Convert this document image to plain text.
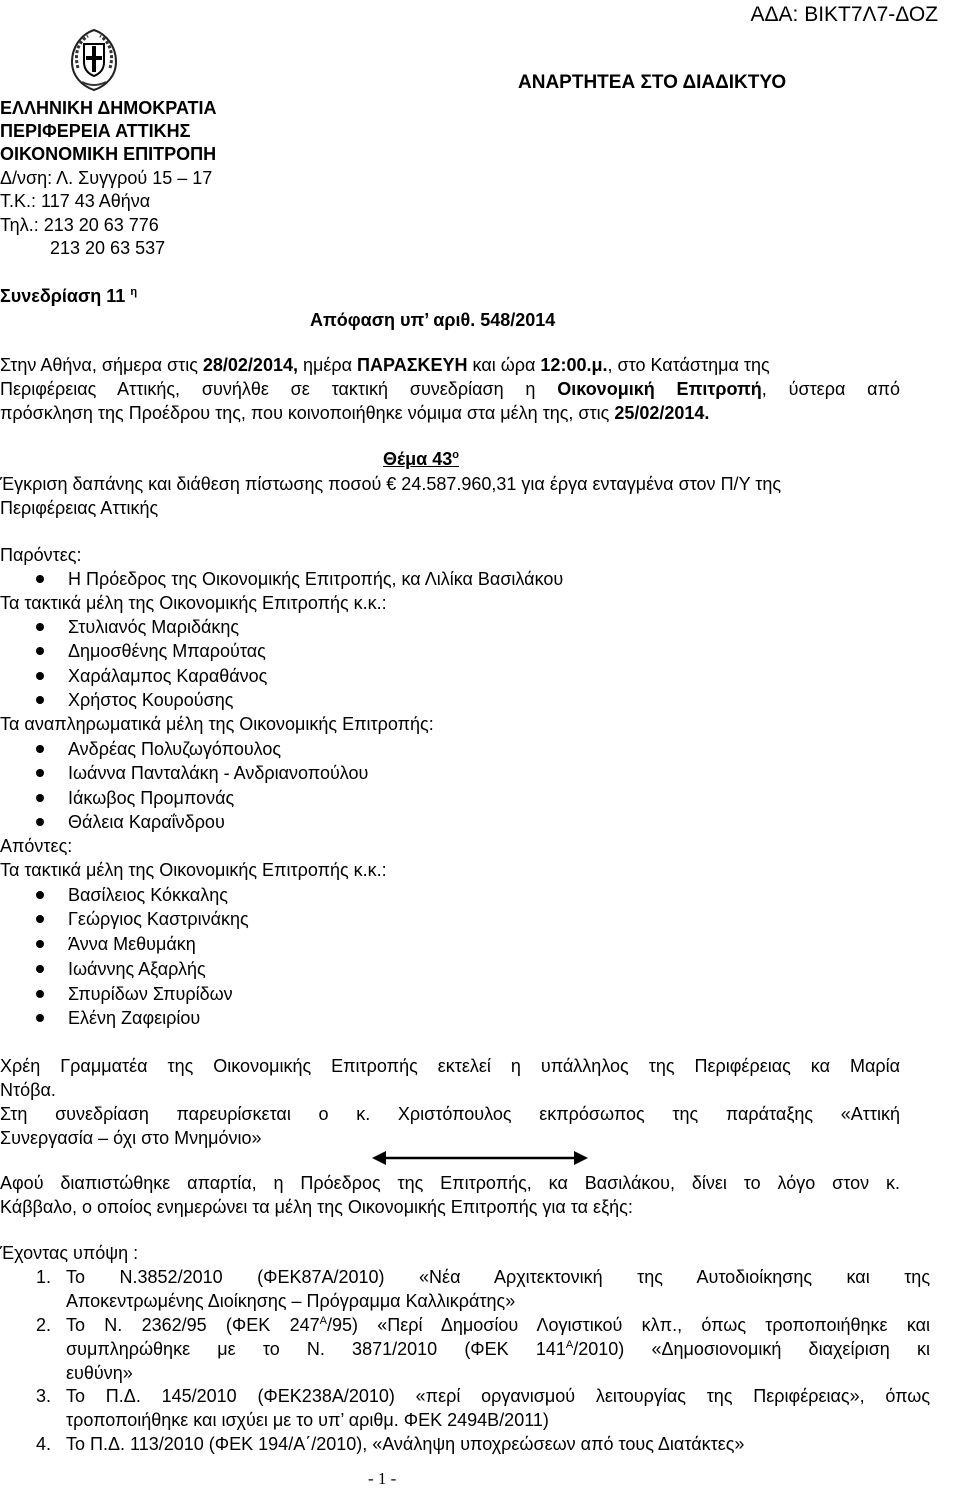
ΑΔΑ: ΒΙΚΤ7Λ7-ΔΟΖ
ΕΛΛΗΝΙΚΗ ΔΗΜΟΚΡΑΤΙΑ
ΠΕΡΙΦΕΡΕΙΑ ΑΤΤΙΚΗΣ
ΟΙΚΟΝΟΜΙΚΗ ΕΠΙΤΡΟΠΗ
Δ/νση: Λ. Συγγρού 15 – 17
Τ.Κ.: 117 43 Αθήνα
Τηλ.: 213 20 63 776
213 20 63 537
ΑΝΑΡΤΗΤΕΑ ΣΤΟ ΔΙΑΔΙΚΤΥΟ
Συνεδρίαση 11 $^\eta$
Απόφαση υπ’ αριθ. 548/2014
Στην Αθήνα, σήμερα στις 28/02/2014, ημέρα ΠΑΡΑΣΚΕΥΗ και ώρα 12:00.μ., στο Κατάστημα της
Περιφέρειας Αττικής, συνήλθε σε τακτική συνεδρίαση η Οικονομική Επιτροπή, ύστερα από
πρόσκληση της Προέδρου της, που κοινοποιήθηκε νόμιμα στα μέλη της, στις 25/02/2014.
Θέμα $43^o$
Έγκριση δαπάνης και διάθεση πίστωσης ποσού € 24.587.960,31 για έργα ενταγμένα στον Π/Υ της
Περιφέρειας Αττικής
Παρόντες:
Η Πρόεδρος της Οικονομικής Επιτροπής, κα Λιλίκα Βασιλάκου
Τα τακτικά μέλη της Οικονομικής Επιτροπής κ.κ.:
Στυλιανός Μαριδάκης
Δημοσθένης Μπαρούτας
Χαράλαμπος Καραθάνος
Χρήστος Κουρούσης
Τα αναπληρωματικά μέλη της Οικονομικής Επιτροπής:
Ανδρέας Πολυζωγόπουλος
Ιωάννα Πανταλάκη - Ανδριανοπούλου
Ιάκωβος Προμπονάς
Θάλεια Καραΐνδρου
Απόντες:
Τα τακτικά μέλη της Οικονομικής Επιτροπής κ.κ.:
Βασίλειος Κόκκαλης
Γεώργιος Καστρινάκης
Άννα Μεθυμάκη
Ιωάννης Αξαρλής
Σπυρίδων Σπυρίδων
Ελένη Ζαφειρίου
Χρέη Γραμματέα της Οικονομικής Επιτροπής εκτελεί η υπάλληλος της Περιφέρειας κα Μαρία
Ντόβα.
Στη συνεδρίαση παρευρίσκεται ο κ. Χριστόπουλος εκπρόσωπος της παράταξης «Αττική
Συνεργασία – όχι στο Μνημόνιο»
Αφού διαπιστώθηκε απαρτία, η Πρόεδρος της Επιτροπής, κα Βασιλάκου, δίνει το λόγο στον κ.
Κάββαλο, ο οποίος ενημερώνει τα μέλη της Οικονομικής Επιτροπής για τα εξής:
Έχοντας υπόψη :
1. Το Ν.3852/2010 (ΦΕΚ87Α/2010) «Νέα Αρχιτεκτονική της Αυτοδιοίκησης και της
Αποκεντρωμένης Διοίκησης – Πρόγραμμα Καλλικράτης»
2. Το Ν. 2362/95 (ΦΕΚ $247^A/95$) «Περί Δημοσίου Λογιστικού κλπ., όπως τροποποιήθηκε και
συμπληρώθηκε με το Ν. 3871/2010 (ΦΕΚ $141^A/2010$) «Δημοσιονομική διαχείριση κι
ευθύνη»
3. Το Π.Δ. 145/2010 (ΦΕΚ238Α/2010) «περί οργανισμού λειτουργίας της Περιφέρειας», όπως
τροποποιήθηκε και ισχύει με το υπ’ αριθμ. ΦΕΚ 2494Β/2011)
4. Το Π.Δ. 113/2010 (ΦΕΚ 194/Α΄/2010), «Ανάληψη υποχρεώσεων από τους Διατάκτες»
- 1 -
